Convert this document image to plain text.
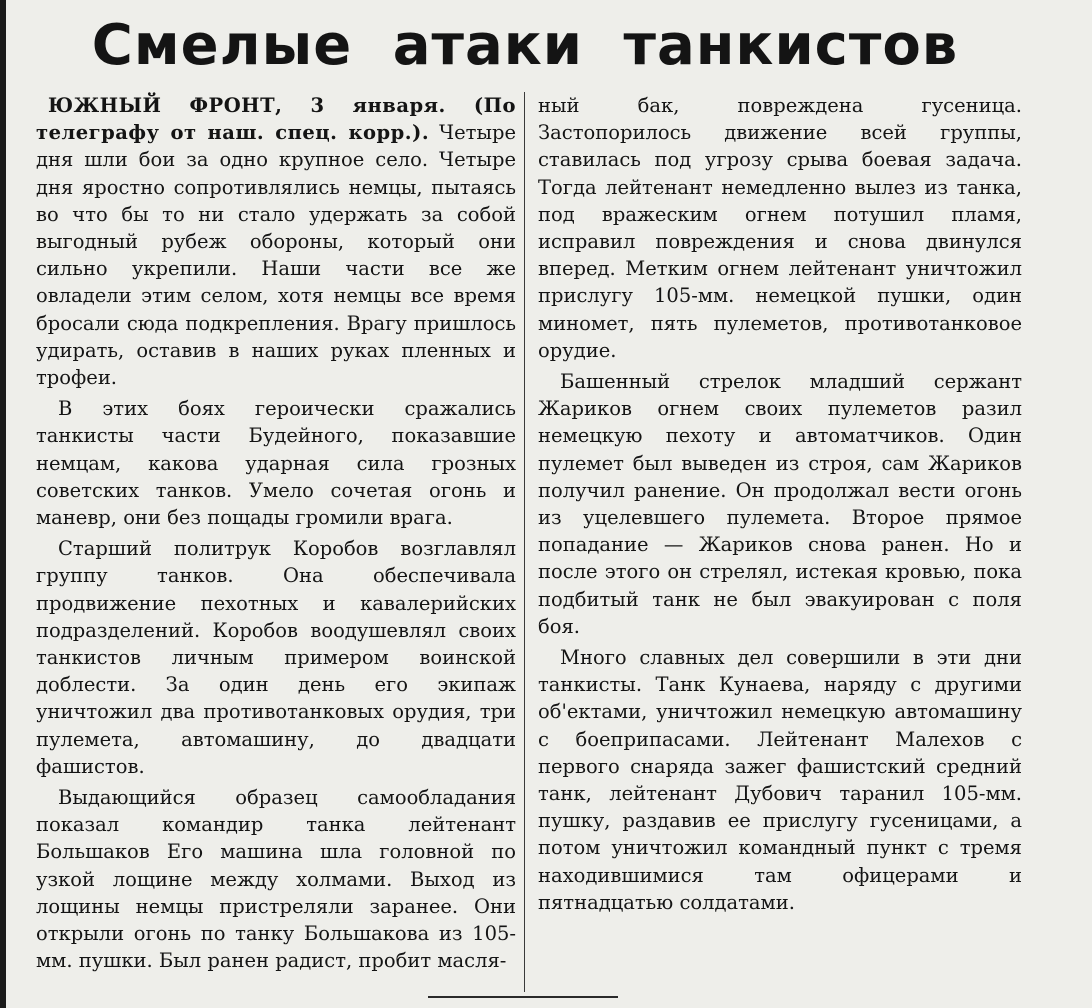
Смелые атаки танкистов

ЮЖНЫЙ ФРОНТ, 3 января. (По телеграфу от наш. спец. корр.). Четыре дня шли бои за одно крупное село. Четыре дня яростно сопротивлялись немцы, пытаясь во что бы то ни стало удержать за собой выгодный рубеж обороны, который они сильно укрепили. Наши части все же овладели этим селом, хотя немцы все время бросали сюда подкрепления. Врагу пришлось удирать, оставив в наших руках пленных и трофеи.

В этих боях героически сражались танкисты части Будейного, показавшие немцам, какова ударная сила грозных советских танков. Умело сочетая огонь и маневр, они без пощады громили врага.

Старший политрук Коробов возглавлял группу танков. Она обеспечивала продвижение пехотных и кавалерийских подразделений. Коробов воодушевлял своих танкистов личным примером воинской доблести. За один день его экипаж уничтожил два противотанковых орудия, три пулемета, автомашину, до двадцати фашистов.

Выдающийся образец самообладания показал командир танка лейтенант Большаков Его машина шла головной по узкой лощине между холмами. Выход из лощины немцы пристреляли заранее. Они открыли огонь по танку Большакова из 105-мм. пушки. Был ранен радист, пробит масля-

ный бак, повреждена гусеница. Застопорилось движение всей группы, ставилась под угрозу срыва боевая задача. Тогда лейтенант немедленно вылез из танка, под вражеским огнем потушил пламя, исправил повреждения и снова двинулся вперед. Метким огнем лейтенант уничтожил прислугу 105-мм. немецкой пушки, один миномет, пять пулеметов, противотанковое орудие.

Башенный стрелок младший сержант Жариков огнем своих пулеметов разил немецкую пехоту и автоматчиков. Один пулемет был выведен из строя, сам Жариков получил ранение. Он продолжал вести огонь из уцелевшего пулемета. Второе прямое попадание — Жариков снова ранен. Но и после этого он стрелял, истекая кровью, пока подбитый танк не был эвакуирован с поля боя.

Много славных дел совершили в эти дни танкисты. Танк Кунаева, наряду с другими об'ектами, уничтожил немецкую автомашину с боеприпасами. Лейтенант Малехов с первого снаряда зажег фашистский средний танк, лейтенант Дубович таранил 105-мм. пушку, раздавив ее прислугу гусеницами, а потом уничтожил командный пункт с тремя находившимися там офицерами и пятнадцатью солдатами.
